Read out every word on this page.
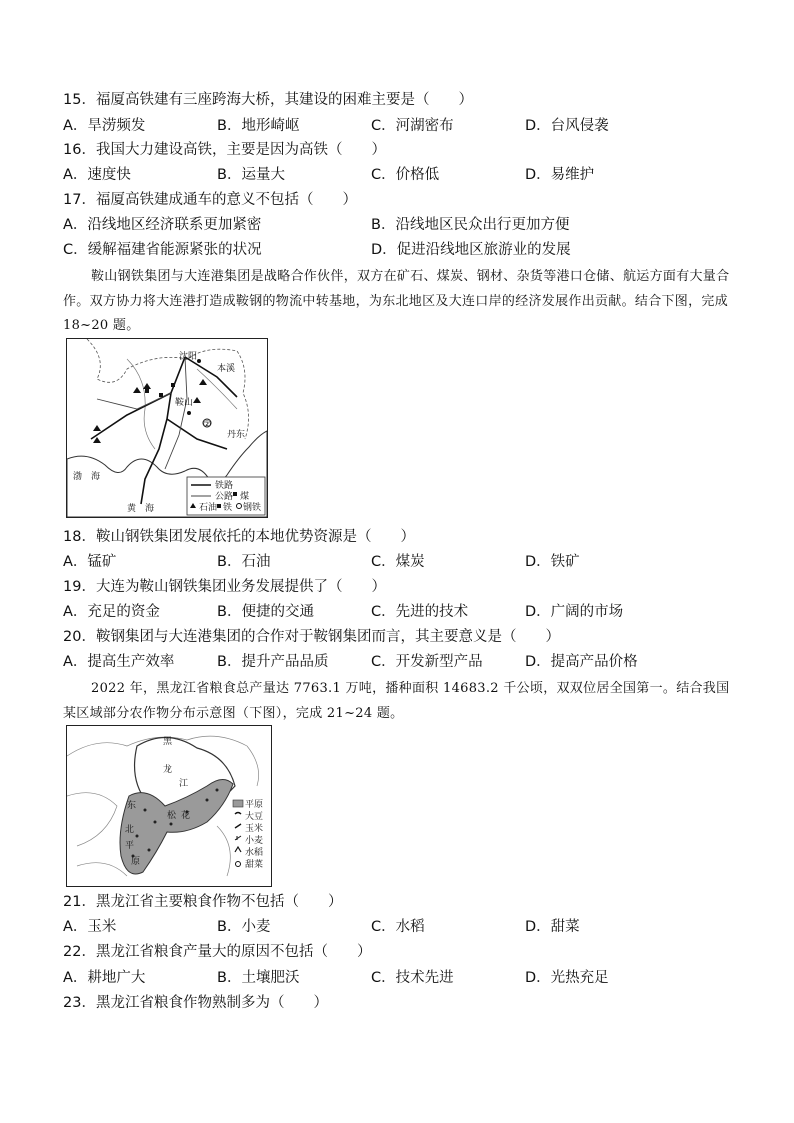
15．福厦高铁建有三座跨海大桥，其建设的困难主要是（　　）
A．旱涝频发	B．地形崎岖	C．河湖密布	D．台风侵袭
16．我国大力建设高铁，主要是因为高铁（　　）
A．速度快	B．运量大	C．价格低	D．易维护
17．福厦高铁建成通车的意义不包括（　　）
A．沿线地区经济联系更加紧密	B．沿线地区民众出行更加方便
C．缓解福建省能源紧张的状况	D．促进沿线地区旅游业的发展
鞍山钢铁集团与大连港集团是战略合作伙伴，双方在矿石、煤炭、钢材、杂货等港口仓储、航运方面有大量合作。双方协力将大连港打造成鞍钢的物流中转基地，为东北地区及大连口岸的经济发展作出贡献。结合下图，完成 18~20 题。
沈阳
本溪
鞍山
丹东
②
渤　海
黄　海
铁路
公路 煤
石油 铁 钢铁
18．鞍山钢铁集团发展依托的本地优势资源是（　　）
A．锰矿	B．石油	C．煤炭	D．铁矿
19．大连为鞍山钢铁集团业务发展提供了（　　）
A．充足的资金	B．便捷的交通	C．先进的技术	D．广阔的市场
20．鞍钢集团与大连港集团的合作对于鞍钢集团而言，其主要意义是（　　）
A．提高生产效率	B．提升产品品质	C．开发新型产品	D．提高产品价格
2022 年，黑龙江省粮食总产量达 7763.1 万吨，播种面积 14683.2 千公顷，双双位居全国第一。结合我国某区域部分农作物分布示意图（下图），完成 21~24 题。
黑
龙
江
松 花
东
北
平
原
平原
大豆
玉米
小麦
水稻
甜菜
21．黑龙江省主要粮食作物不包括（　　）
A．玉米	B．小麦	C．水稻	D．甜菜
22．黑龙江省粮食产量大的原因不包括（　　）
A．耕地广大	B．土壤肥沃	C．技术先进	D．光热充足
23．黑龙江省粮食作物熟制多为（　　）
